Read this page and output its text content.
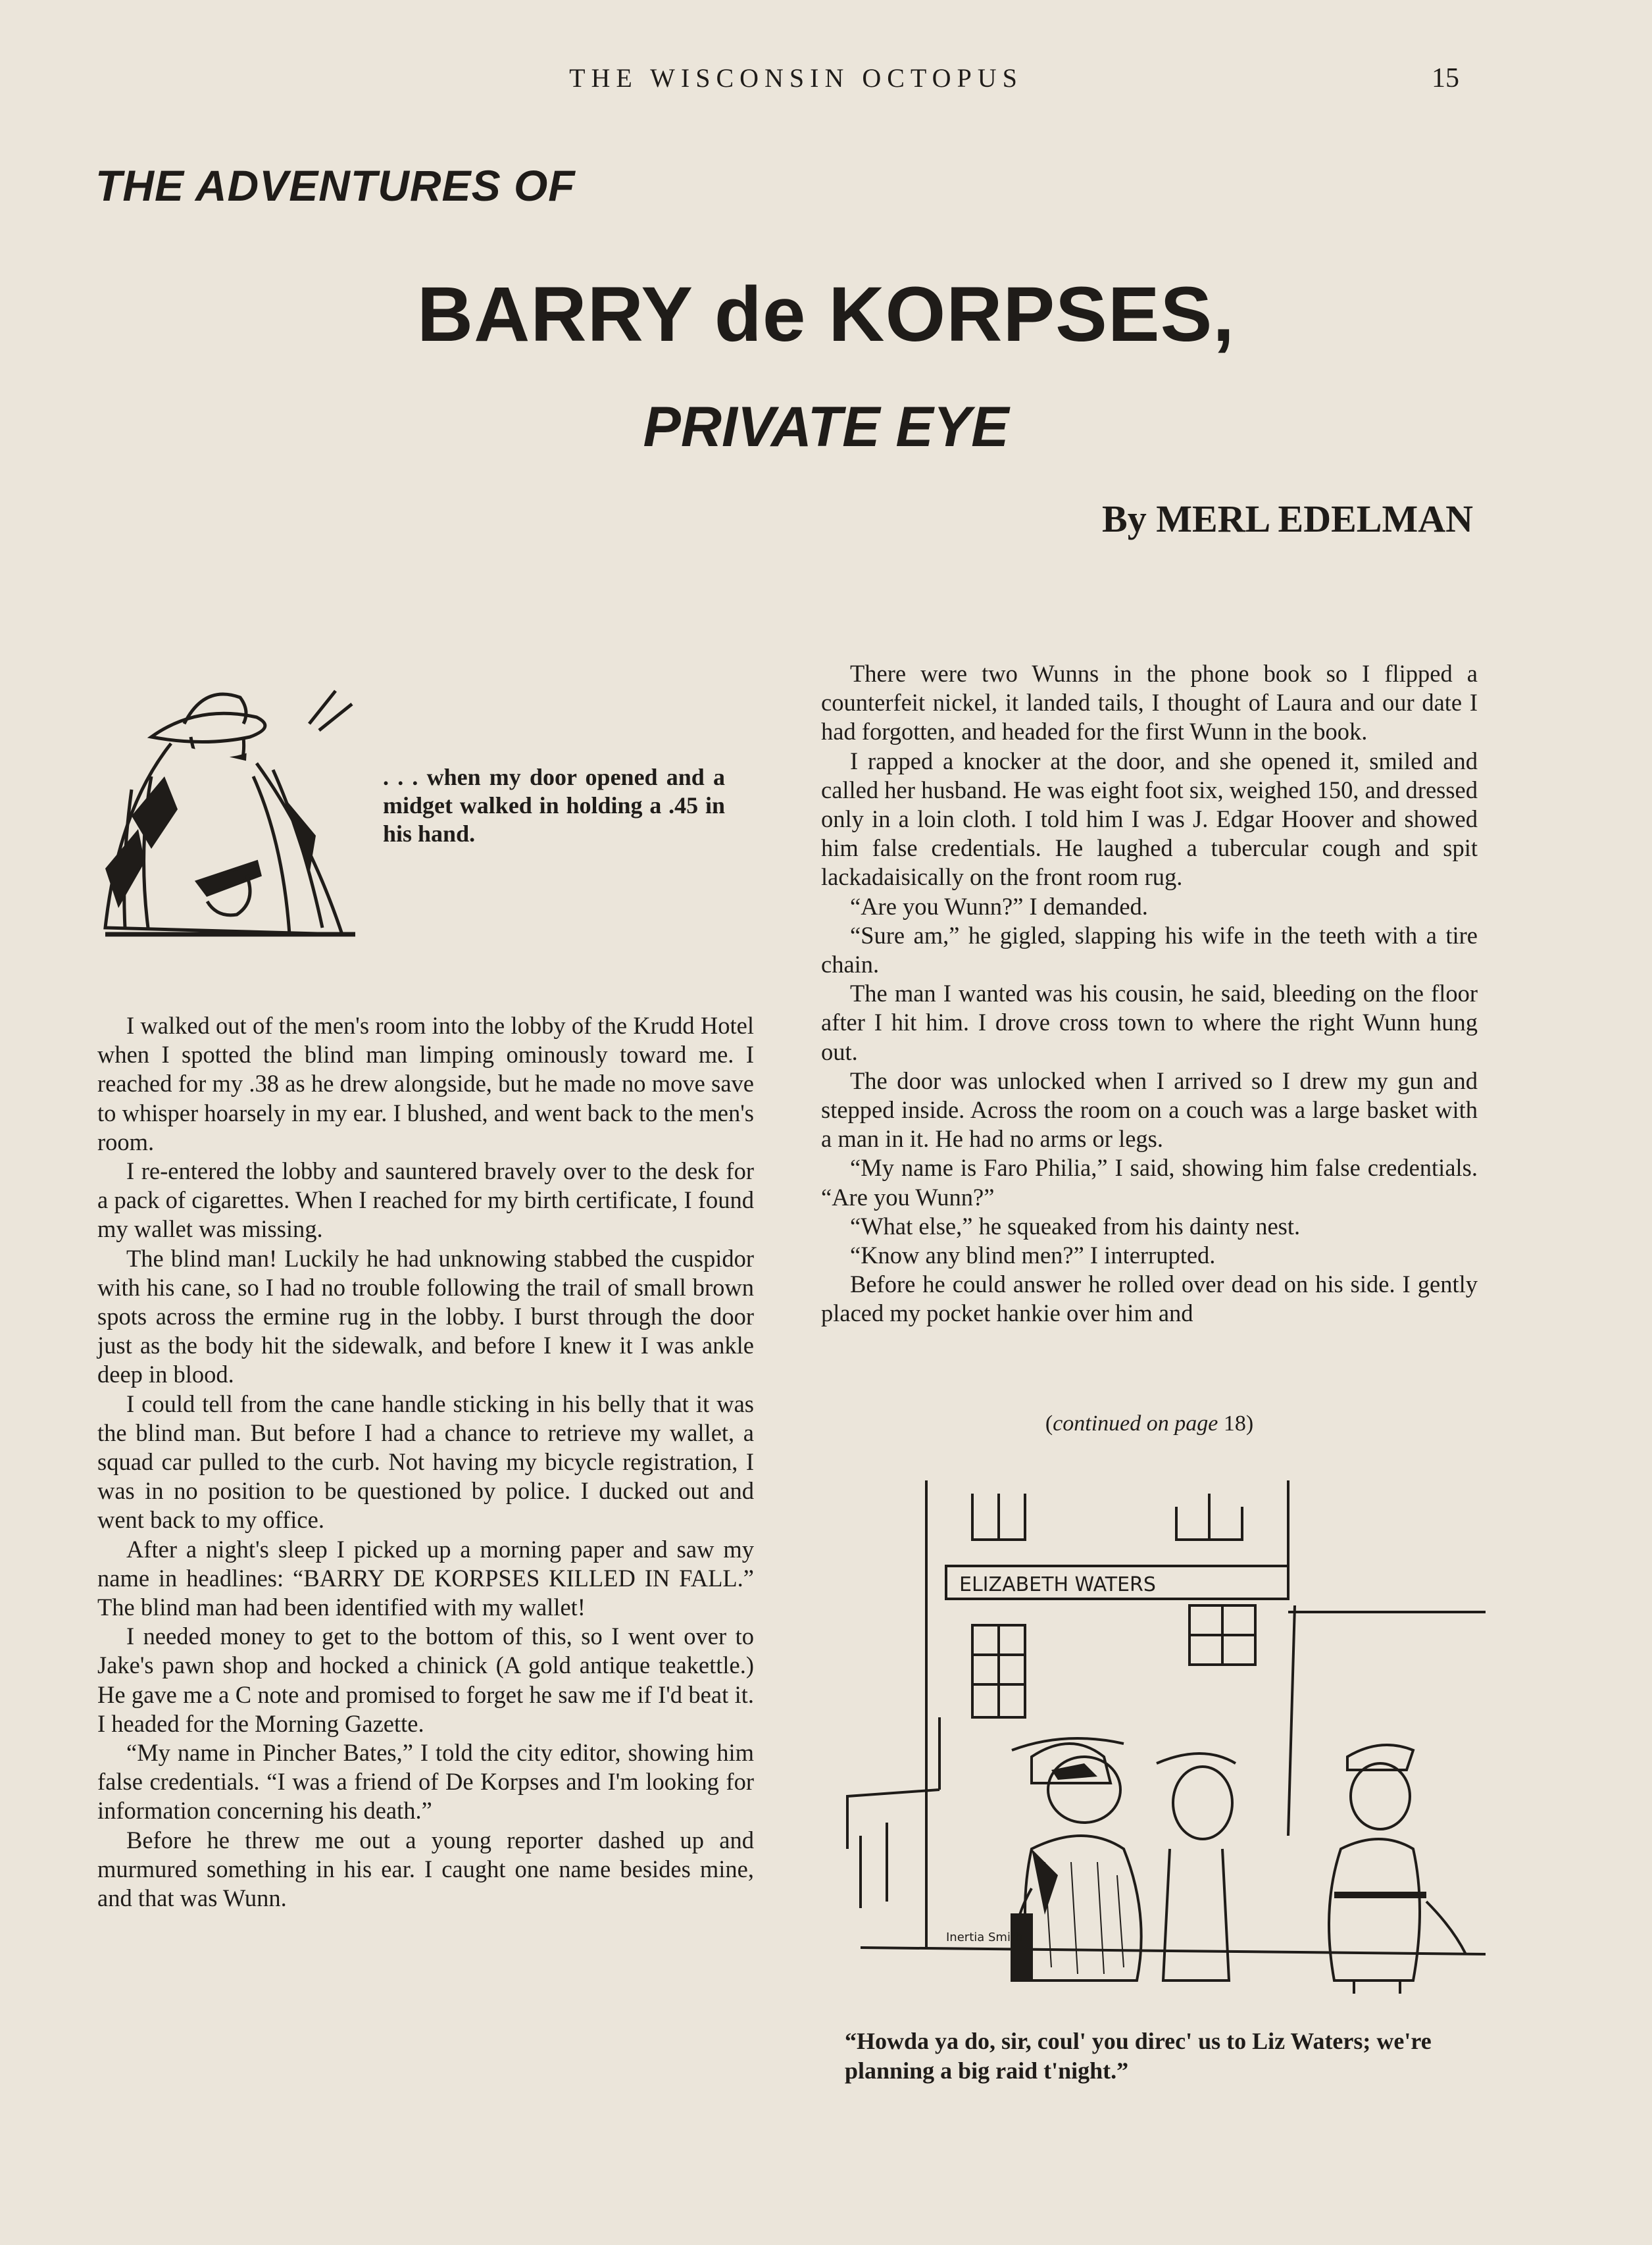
THE WISCONSIN OCTOPUS	15
THE ADVENTURES OF
BARRY de KORPSES,
PRIVATE EYE
By MERL EDELMAN
. . . when my door opened and a midget walked in holding a .45 in his hand.

I walked out of the men's room into the lobby of the Krudd Hotel when I spotted the blind man limping ominously toward me. I reached for my .38 as he drew alongside, but he made no move save to whisper hoarsely in my ear. I blushed, and went back to the men's room.

I re-entered the lobby and sauntered bravely over to the desk for a pack of cigarettes. When I reached for my birth certificate, I found my wallet was missing.

The blind man! Luckily he had unknowing stabbed the cuspidor with his cane, so I had no trouble following the trail of small brown spots across the ermine rug in the lobby. I burst through the door just as the body hit the sidewalk, and before I knew it I was ankle deep in blood.

I could tell from the cane handle sticking in his belly that it was the blind man. But before I had a chance to retrieve my wallet, a squad car pulled to the curb. Not having my bicycle registration, I was in no position to be questioned by police. I ducked out and went back to my office.

After a night's sleep I picked up a morning paper and saw my name in headlines: “BARRY DE KORPSES KILLED IN FALL.” The blind man had been identified with my wallet!

I needed money to get to the bottom of this, so I went over to Jake's pawn shop and hocked a chinick (A gold antique teakettle.) He gave me a C note and promised to forget he saw me if I'd beat it. I headed for the Morning Gazette.

“My name in Pincher Bates,” I told the city editor, showing him false credentials. “I was a friend of De Korpses and I'm looking for information concerning his death.”

Before he threw me out a young reporter dashed up and murmured something in his ear. I caught one name besides mine, and that was Wunn.

There were two Wunns in the phone book so I flipped a counterfeit nickel, it landed tails, I thought of Laura and our date I had forgotten, and headed for the first Wunn in the book.

I rapped a knocker at the door, and she opened it, smiled and called her husband. He was eight foot six, weighed 150, and dressed only in a loin cloth. I told him I was J. Edgar Hoover and showed him false credentials. He laughed a tubercular cough and spit lackadaisically on the front room rug.

“Are you Wunn?” I demanded.

“Sure am,” he gigled, slapping his wife in the teeth with a tire chain.

The man I wanted was his cousin, he said, bleeding on the floor after I hit him. I drove cross town to where the right Wunn hung out.

The door was unlocked when I arrived so I drew my gun and stepped inside. Across the room on a couch was a large basket with a man in it. He had no arms or legs.

“My name is Faro Philia,” I said, showing him false credentials. “Are you Wunn?”

“What else,” he squeaked from his dainty nest.

“Know any blind men?” I interrupted.

Before he could answer he rolled over dead on his side. I gently placed my pocket hankie over him and

(continued on page 18)
ELIZABETH WATERS
Inertia Smith
“Howda ya do, sir, coul' you direc' us to Liz Waters; we're planning a big raid t'night.”
